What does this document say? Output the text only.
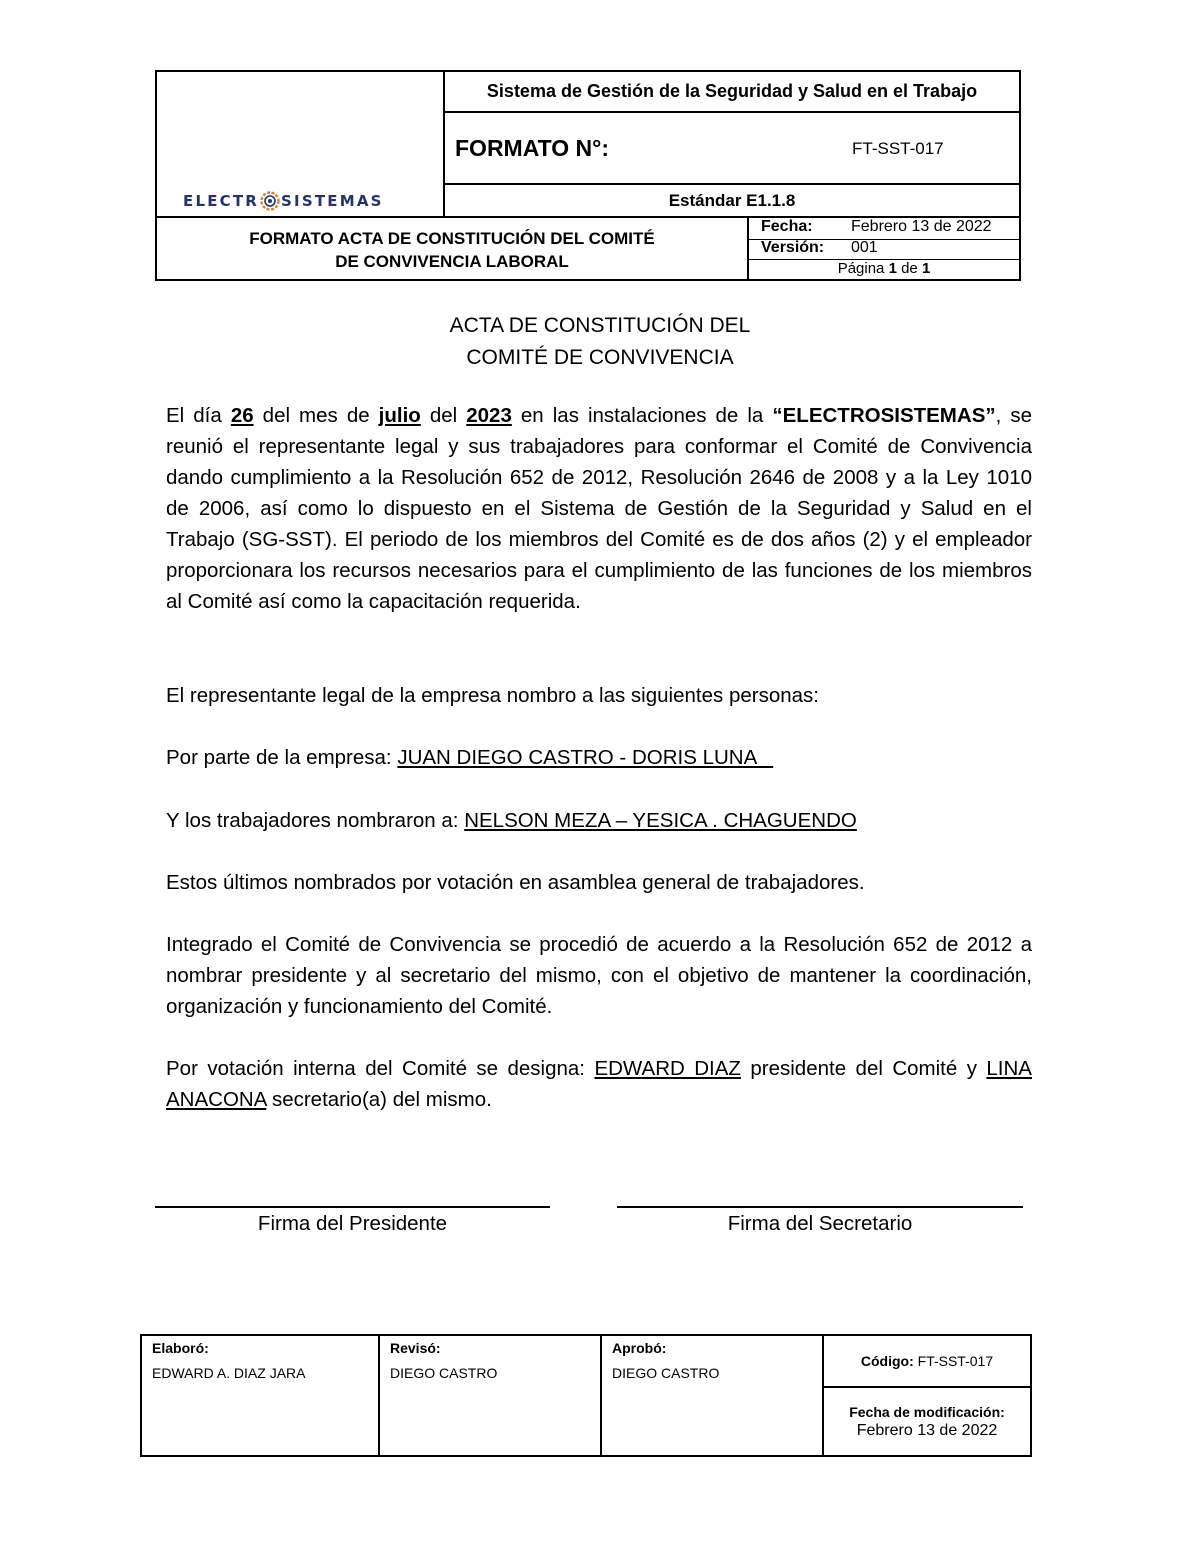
ELECTR SISTEMAS
Sistema de Gestión de la Seguridad y Salud en el Trabajo
FORMATO N°:	FT-SST-017
Estándar E1.1.8
FORMATO ACTA DE CONSTITUCIÓN DEL COMITÉ DE CONVIVENCIA LABORAL
Fecha: Febrero 13 de 2022
Versión: 001
Página 1 de 1
ACTA DE CONSTITUCIÓN DEL
COMITÉ DE CONVIVENCIA

El día 26 del mes de julio del 2023 en las instalaciones de la “ELECTROSISTEMAS”, se reunió el representante legal y sus trabajadores para conformar el Comité de Convivencia dando cumplimiento a la Resolución 652 de 2012, Resolución 2646 de 2008 y a la Ley 1010 de 2006, así como lo dispuesto en el Sistema de Gestión de la Seguridad y Salud en el Trabajo (SG-SST). El periodo de los miembros del Comité es de dos años (2) y el empleador proporcionara los recursos necesarios para el cumplimiento de las funciones de los miembros al Comité así como la capacitación requerida.

El representante legal de la empresa nombro a las siguientes personas:

Por parte de la empresa: JUAN DIEGO CASTRO - DORIS LUNA

Y los trabajadores nombraron a: NELSON MEZA – YESICA . CHAGUENDO

Estos últimos nombrados por votación en asamblea general de trabajadores.

Integrado el Comité de Convivencia se procedió de acuerdo a la Resolución 652 de 2012 a nombrar presidente y al secretario del mismo, con el objetivo de mantener la coordinación, organización y funcionamiento del Comité.

Por votación interna del Comité se designa: EDWARD DIAZ presidente del Comité y LINA ANACONA secretario(a) del mismo.

Firma del Presidente	Firma del Secretario
Elaboró:
EDWARD A. DIAZ JARA
Revisó:
DIEGO CASTRO
Aprobó:
DIEGO CASTRO
Código:
FT-SST-017
Fecha de modificación:
Febrero 13 de 2022
